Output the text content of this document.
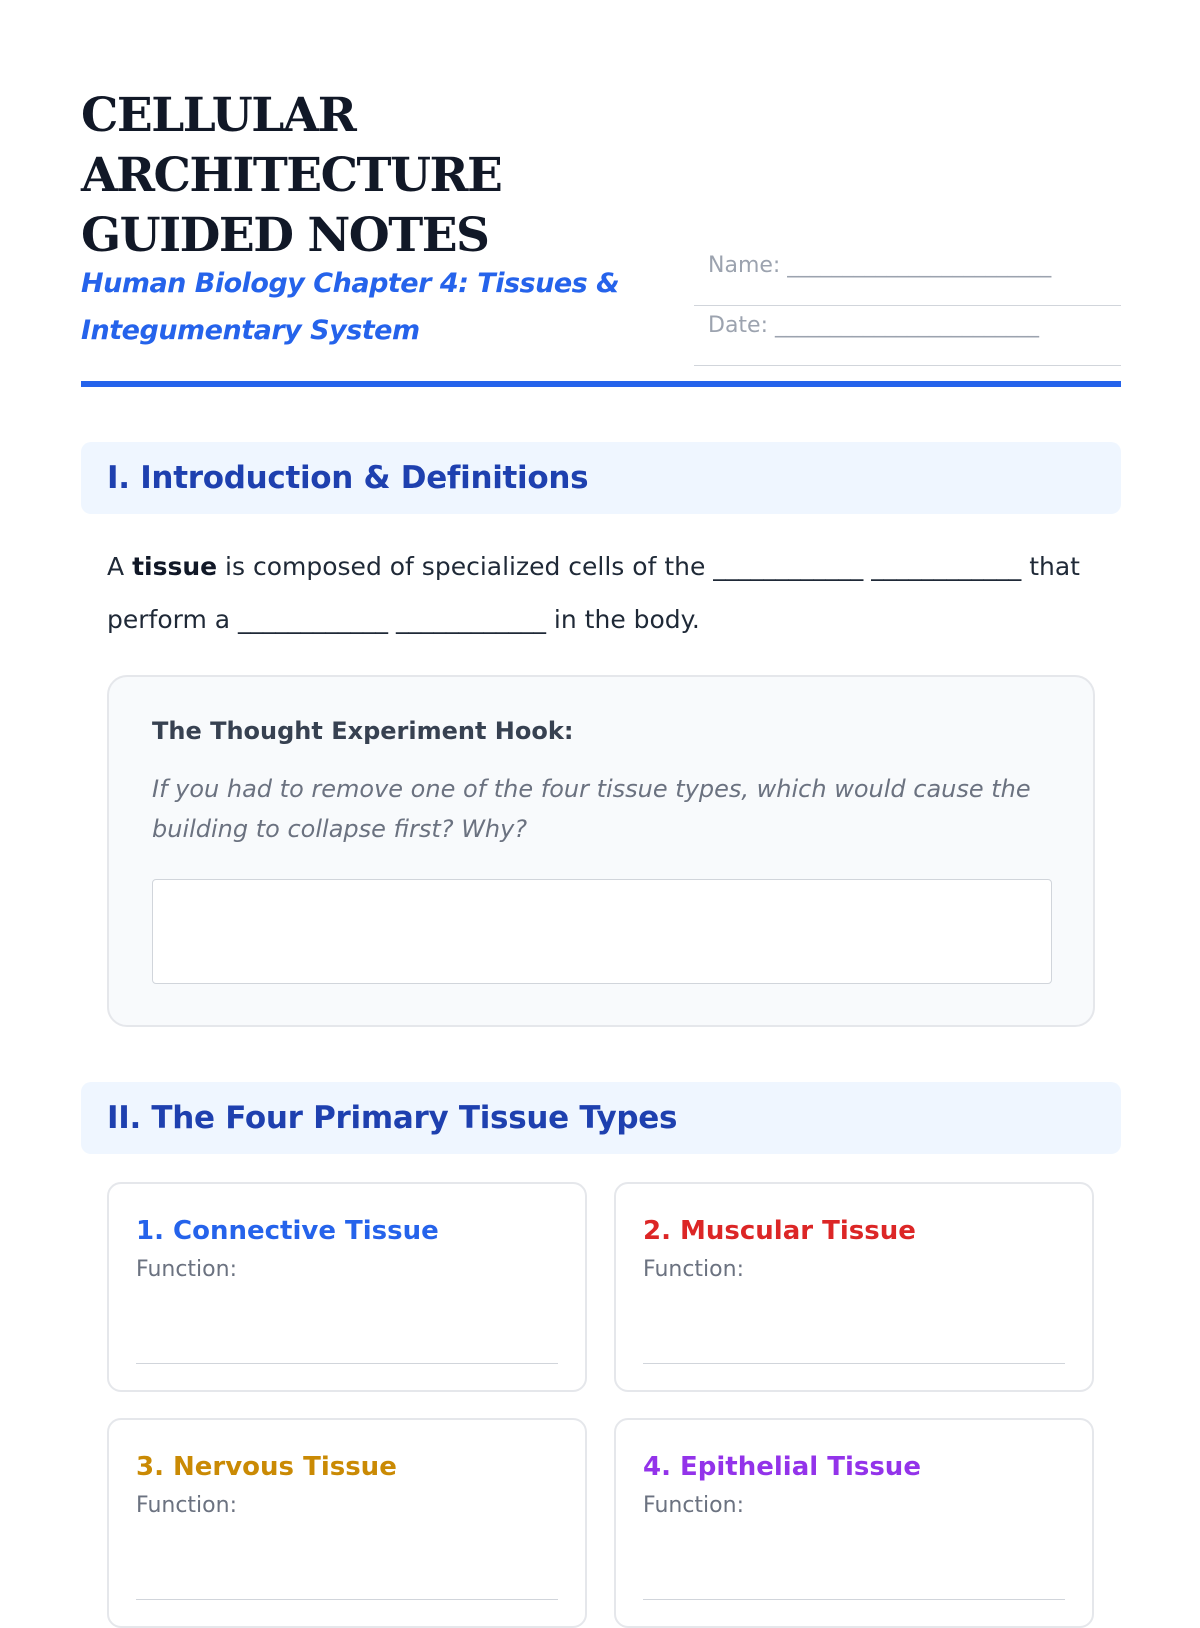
CELLULAR ARCHITECTURE GUIDED NOTES

Human Biology Chapter 4: Tissues & Integumentary System

Name: ________________________
Date: ________________________
I. Introduction & Definitions

A tissue is composed of specialized cells of the ____________ ____________ that perform a ____________ ____________ in the body.

The Thought Experiment Hook:

If you had to remove one of the four tissue types, which would cause the building to collapse first? Why?

II. The Four Primary Tissue Types
1. Connective Tissue
Function:
2. Muscular Tissue
Function:
3. Nervous Tissue
Function:
4. Epithelial Tissue
Function:
